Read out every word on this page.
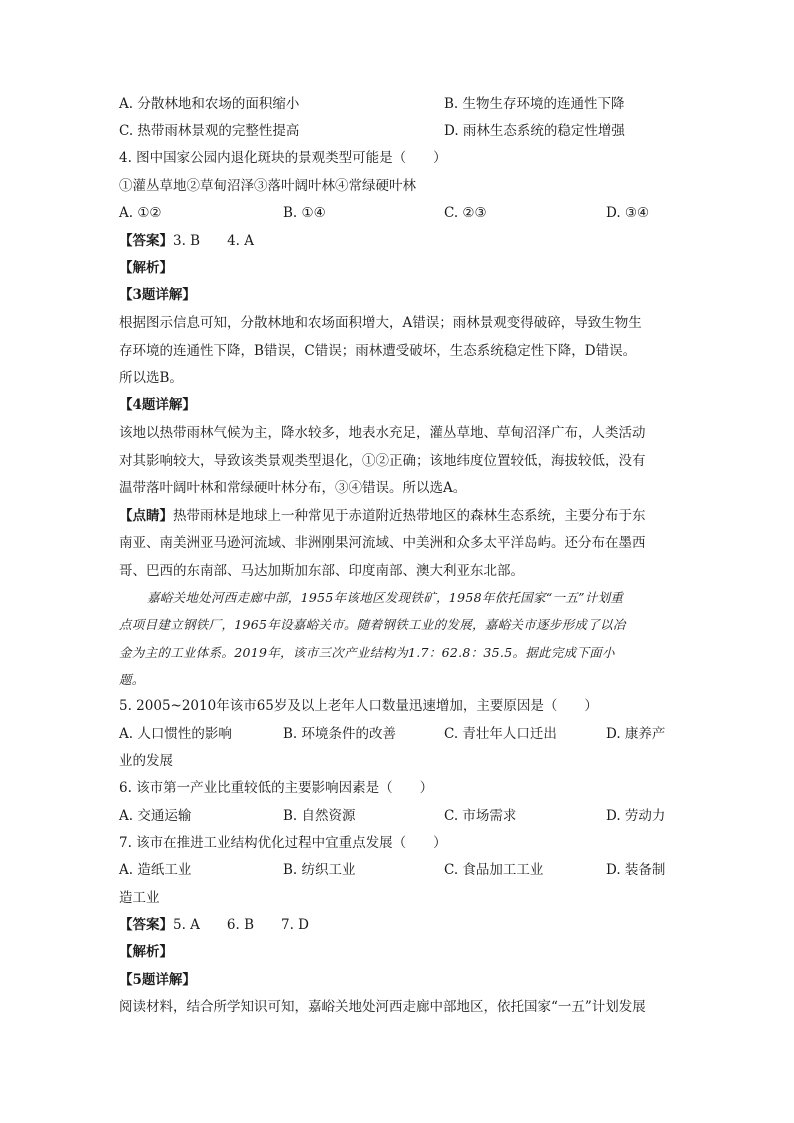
A. 分散林地和农场的面积缩小	B. 生物生存环境的连通性下降
C. 热带雨林景观的完整性提高	D. 雨林生态系统的稳定性增强
4. 图中国家公园内退化斑块的景观类型可能是（　　）
①灌丛草地②草甸沼泽③落叶阔叶林④常绿硬叶林
A. ①②	B. ①④	C. ②③	D. ③④
【答案】3. B　　4. A
【解析】
【3题详解】
根据图示信息可知，分散林地和农场面积增大，A错误；雨林景观变得破碎，导致生物生
存环境的连通性下降，B错误，C错误；雨林遭受破坏，生态系统稳定性下降，D错误。
所以选B。
【4题详解】
该地以热带雨林气候为主，降水较多，地表水充足，灌丛草地、草甸沼泽广布，人类活动
对其影响较大，导致该类景观类型退化，①②正确；该地纬度位置较低，海拔较低，没有
温带落叶阔叶林和常绿硬叶林分布，③④错误。所以选A。
【点睛】热带雨林是地球上一种常见于赤道附近热带地区的森林生态系统，主要分布于东
南亚、南美洲亚马逊河流域、非洲刚果河流域、中美洲和众多太平洋岛屿。还分布在墨西
哥、巴西的东南部、马达加斯加东部、印度南部、澳大利亚东北部。
嘉峪关地处河西走廊中部，1955年该地区发现铁矿，1958年依托国家“一五”计划重
点项目建立钢铁厂，1965年设嘉峪关市。随着钢铁工业的发展，嘉峪关市逐步形成了以冶
金为主的工业体系。2019年，该市三次产业结构为1.7：62.8：35.5。据此完成下面小
题。
5. 2005~2010年该市65岁及以上老年人口数量迅速增加，主要原因是（　　）
A. 人口惯性的影响	B. 环境条件的改善	C. 青壮年人口迁出	D. 康养产
业的发展
6. 该市第一产业比重较低的主要影响因素是（　　）
A. 交通运输	B. 自然资源	C. 市场需求	D. 劳动力
7. 该市在推进工业结构优化过程中宜重点发展（　　）
A. 造纸工业	B. 纺织工业	C. 食品加工工业	D. 装备制
造工业
【答案】5. A　　6. B　　7. D
【解析】
【5题详解】
阅读材料，结合所学知识可知，嘉峪关地处河西走廊中部地区，依托国家“一五”计划发展
